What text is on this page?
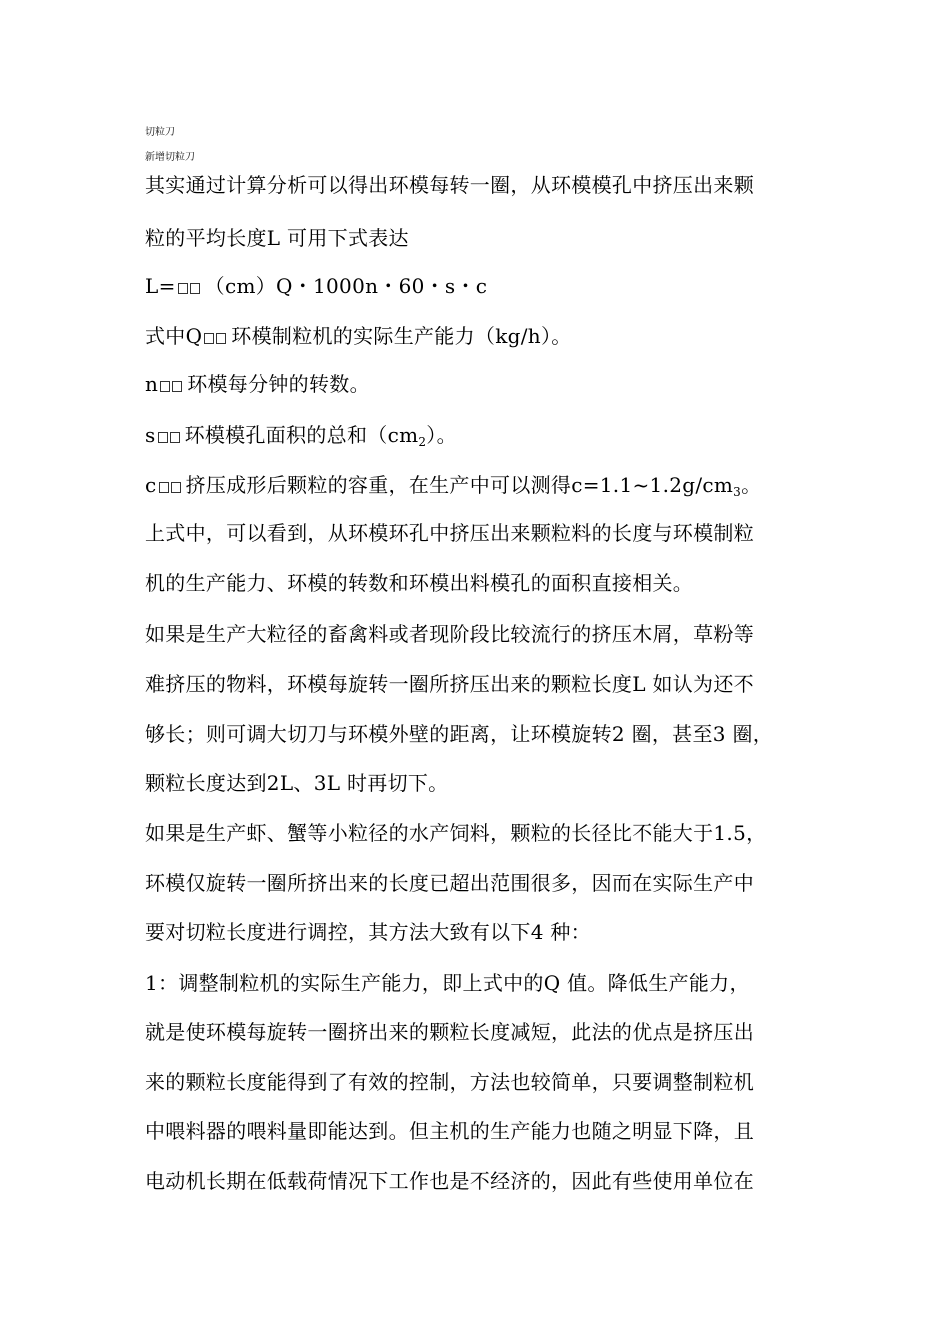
切粒刀
新增切粒刀
其实通过计算分析可以得出环模每转一圈，从环模模孔中挤压出来颗
粒的平均长度L 可用下式表达
L= （cm）Q・1000n・60・s・c
式中Q 环模制粒机的实际生产能力（kg/h）。
n 环模每分钟的转数。
s 环模模孔面积的总和$(cm_2)$。
c 挤压成形后颗粒的容重，在生产中可以测得$c=1.1\sim 1.2g/cm_3$。
上式中，可以看到，从环模环孔中挤压出来颗粒料的长度与环模制粒
机的生产能力、环模的转数和环模出料模孔的面积直接相关。
如果是生产大粒径的畜禽料或者现阶段比较流行的挤压木屑，草粉等
难挤压的物料，环模每旋转一圈所挤压出来的颗粒长度L 如认为还不
够长；则可调大切刀与环模外壁的距离，让环模旋转2 圈，甚至3 圈，
颗粒长度达到2L、3L 时再切下。
如果是生产虾、蟹等小粒径的水产饲料，颗粒的长径比不能大于1.5，
环模仅旋转一圈所挤出来的长度已超出范围很多，因而在实际生产中
要对切粒长度进行调控，其方法大致有以下4 种：
1：调整制粒机的实际生产能力，即上式中的Q 值。降低生产能力，
就是使环模每旋转一圈挤出来的颗粒长度减短，此法的优点是挤压出
来的颗粒长度能得到了有效的控制，方法也较简单，只要调整制粒机
中喂料器的喂料量即能达到。但主机的生产能力也随之明显下降，且
电动机长期在低载荷情况下工作也是不经济的，因此有些使用单位在
